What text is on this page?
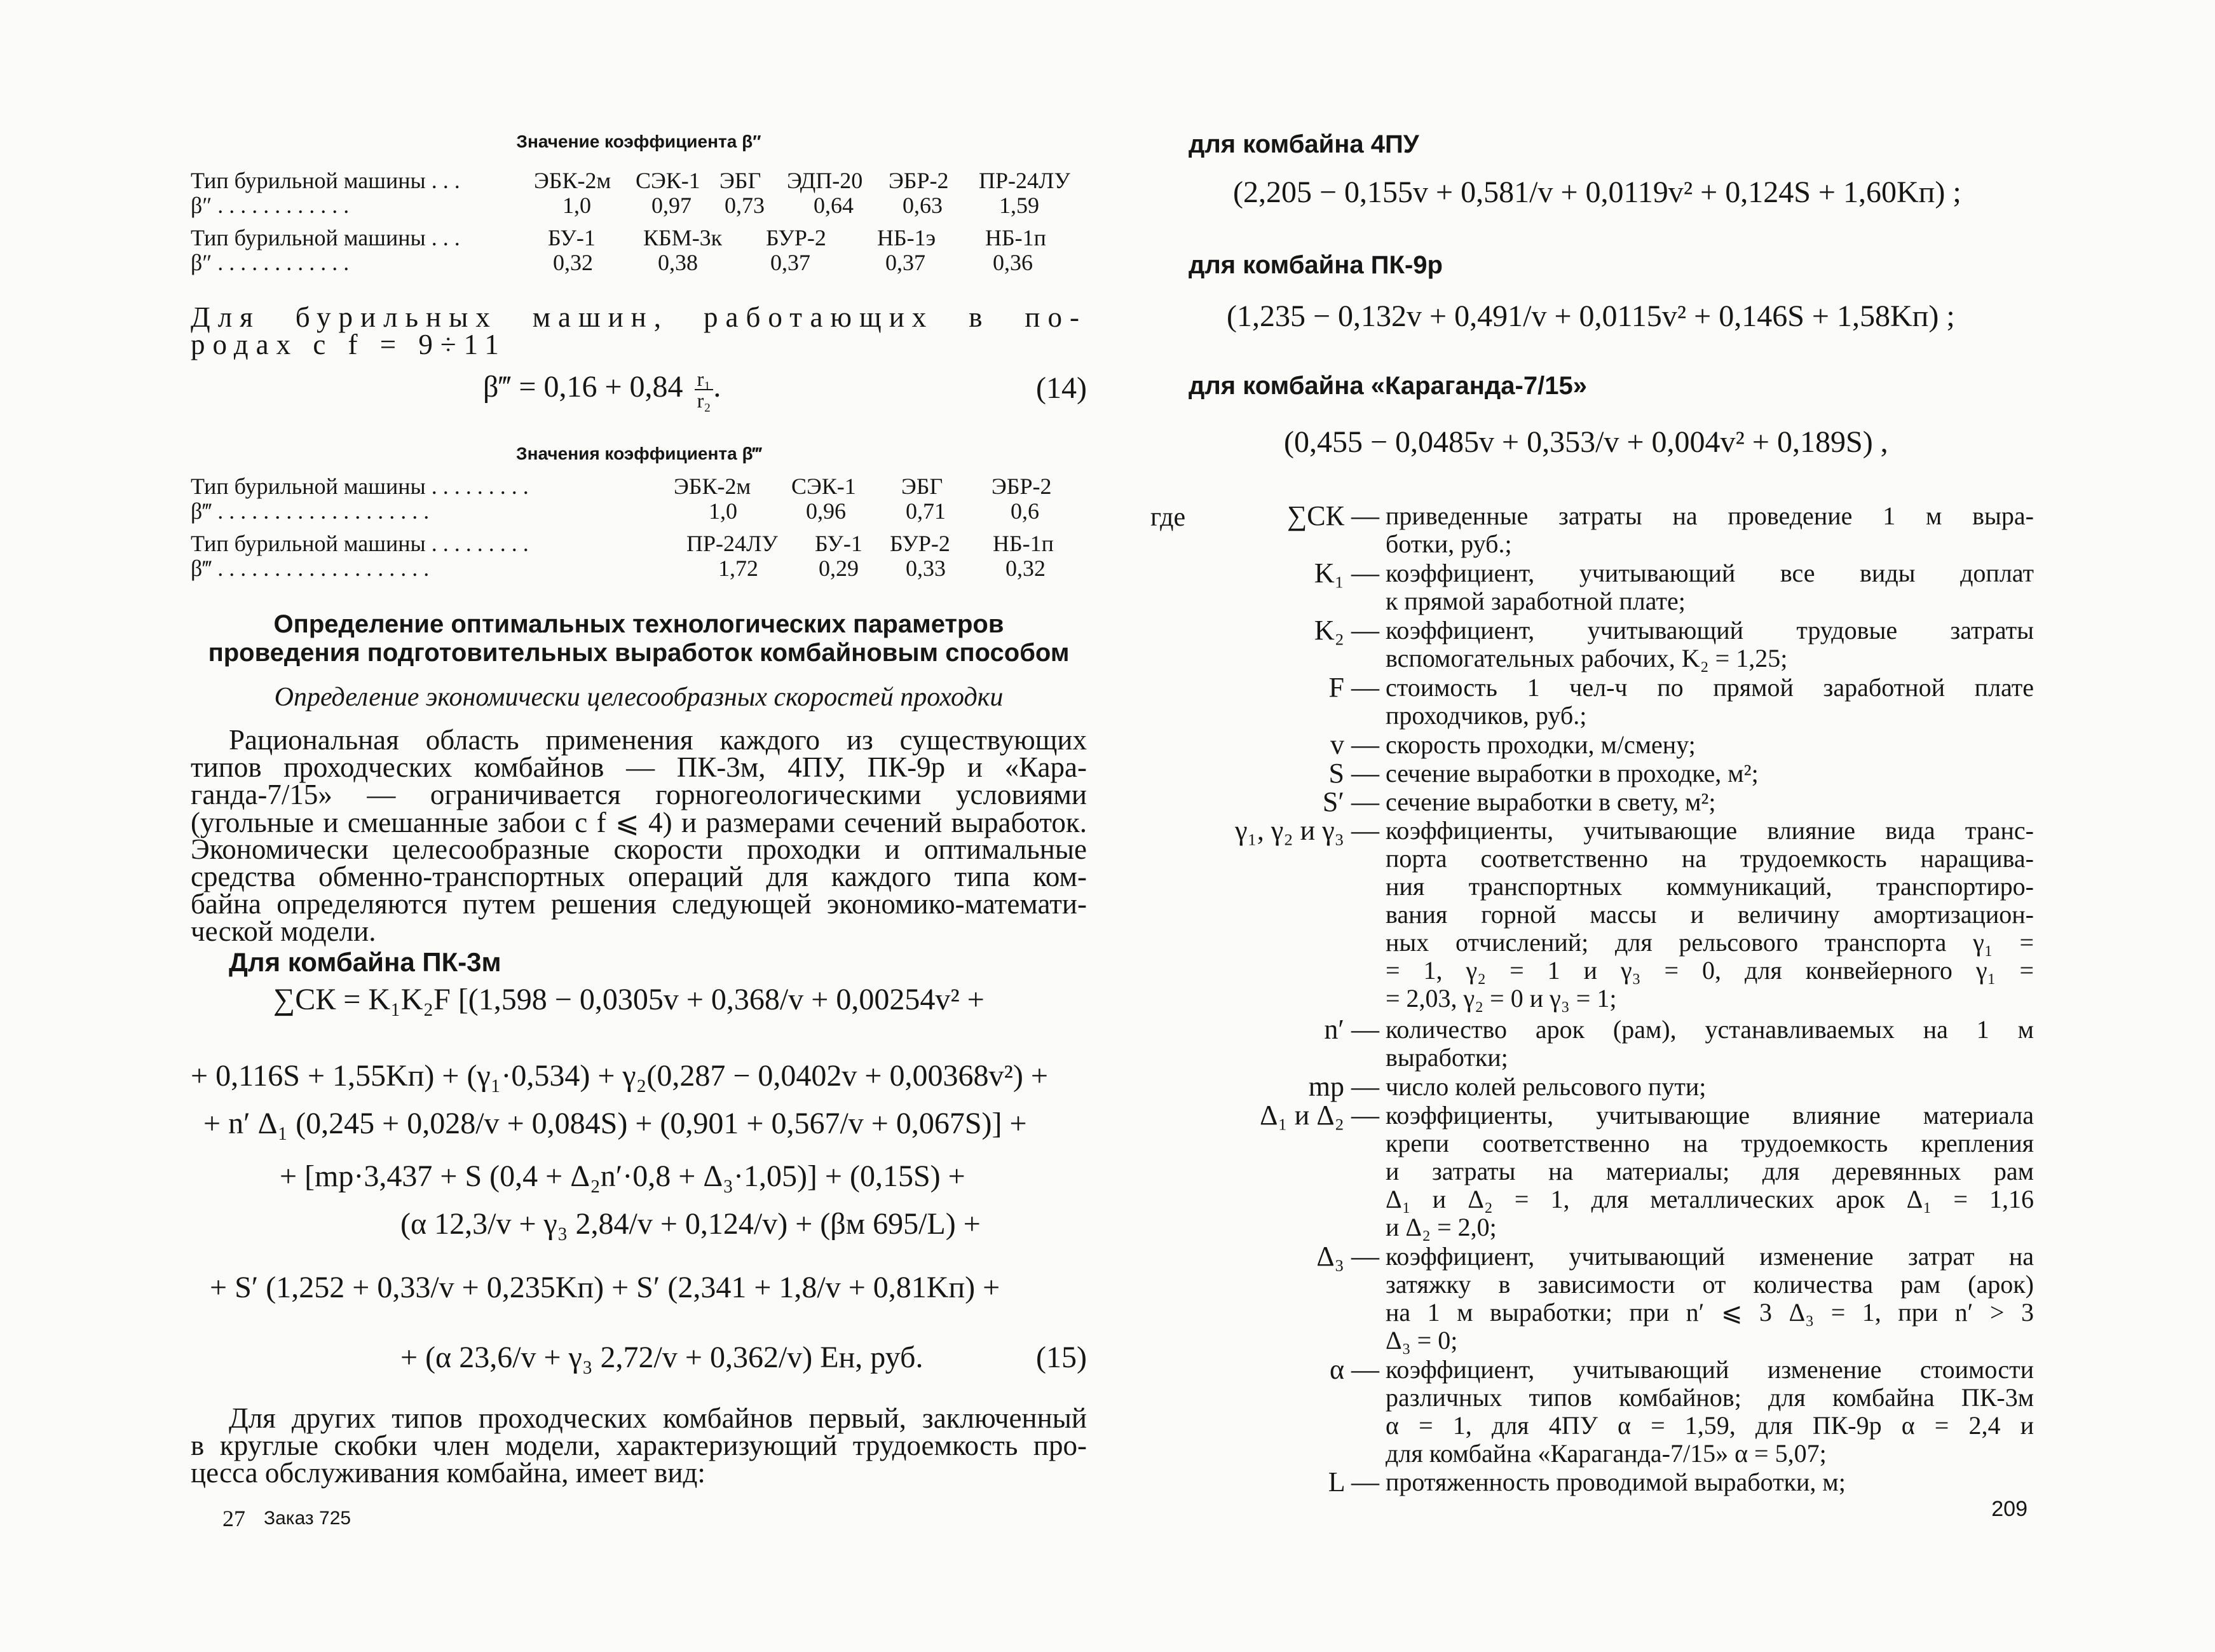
Значение коэффициента β″
Тип бурильной машины . . .	ЭБК-2м СЭК-1 ЭБГ ЭДП-20 ЭБР-2 ПР-24ЛУ
β″ . . . . . . . . . . . .	1,0	0,97 0,73 0,64 0,63 1,59
Тип бурильной машины . . .	БУ-1 КБМ-3к БУР-2 НБ-1э НБ-1п
β″ . . . . . . . . . . . .	0,32	0,38	0,37	0,37	0,36
Для бурильных машин, работающих в по-
родах с f = 9÷11
β‴ = $0,16 + 0,84 \frac{\text{r₁}}{\text{r₂}}$ .	(14)
Значения коэффициента β‴
Тип бурильной машины . . . . . . . . .	ЭБК-2м СЭК-1 ЭБГ ЭБР-2
β‴ . . . . . . . . . . . . . . . . . . .	1,0	0,96	0,71	0,6
Тип бурильной машины . . . . . . . . .	ПР-24ЛУ БУ-1 БУР-2 НБ-1п
β‴ . . . . . . . . . . . . . . . . . . .	1,72	0,29 0,33	0,32
Определение оптимальных технологических параметров
проведения подготовительных выработок комбайновым способом
Определение экономически целесообразных скоростей проходки
Рациональная область применения каждого из существующих
типов проходческих комбайнов — ПК-3м, 4ПУ, ПК-9р и «Кара-
ганда-7/15» — ограничивается горногеологическими условиями
(угольные и смешанные забои с f ⩽ 4) и размерами сечений выработок.
Экономически целесообразные скорости проходки и оптимальные
средства обменно-транспортных операций для каждого типа ком-
байна определяются путем решения следующей экономико-математи-
ческой модели.
Для комбайна ПК-3м
∑СК = K₁K₂F [(1,598 − 0,0305v + 0,368/v + 0,00254v² +
+ 0,116S + 1,55Kп) + (γ₁·0,534) + γ₂(0,287 − 0,0402v + 0,00368v²) +
+ n′ Δ₁ (0,245 + 0,028/v + 0,084S) + (0,901 + 0,567/v + 0,067S)] +
+ [mр·3,437 + S (0,4 + Δ₂n′·0,8 + Δ₃·1,05)] + (0,15S) +
(α 12,3/v + γ₃ 2,84/v + 0,124/v) + (βм 695/L) +
+ S′ (1,252 + 0,33/v + 0,235Kп) + S′ (2,341 + 1,8/v + 0,81Kп) +
+ (α 23,6/v + γ₃ 2,72/v + 0,362/v) Eн, руб.	(15)
Для других типов проходческих комбайнов первый, заключенный
в круглые скобки член модели, характеризующий трудоемкость про-
цесса обслуживания комбайна, имеет вид:
27 Заказ 725
для комбайна 4ПУ
(2,205 − 0,155v + 0,581/v + 0,0119v² + 0,124S + 1,60Kп) ;
для комбайна ПК-9р
(1,235 − 0,132v + 0,491/v + 0,0115v² + 0,146S + 1,58Kп) ;
для комбайна «Караганда-7/15»
(0,455 − 0,0485v + 0,353/v + 0,004v² + 0,189S) ,
где	∑СК — приведенные затраты на проведение 1 м выра-
ботки, руб.;
K₁ — коэффициент, учитывающий все виды доплат
к прямой заработной плате;
K₂ — коэффициент, учитывающий трудовые затраты
вспомогательных рабочих, K₂ = 1,25;
F — стоимость 1 чел-ч по прямой заработной плате
проходчиков, руб.;
v — скорость проходки, м/смену;
S — сечение выработки в проходке, м²;
S′ — сечение выработки в свету, м²;
γ₁, γ₂ и γ₃ — коэффициенты, учитывающие влияние вида транс-
порта соответственно на трудоемкость наращива-
ния транспортных коммуникаций, транспортиро-
вания горной массы и величину амортизацион-
ных отчислений; для рельсового транспорта γ₁ =
= 1, γ₂ = 1 и γ₃ = 0, для конвейерного γ₁ =
= 2,03, γ₂ = 0 и γ₃ = 1;
n′ — количество арок (рам), устанавливаемых на 1 м
выработки;
mр — число колей рельсового пути;
Δ₁ и Δ₂ — коэффициенты, учитывающие влияние материала
крепи соответственно на трудоемкость крепления
и затраты на материалы; для деревянных рам
Δ₁ и Δ₂ = 1, для металлических арок Δ₁ = 1,16
и Δ₂ = 2,0;
Δ₃ — коэффициент, учитывающий изменение затрат на
затяжку в зависимости от количества рам (арок)
на 1 м выработки; при n′ ⩽ 3 Δ₃ = 1, при n′ > 3
Δ₃ = 0;
α — коэффициент, учитывающий изменение стоимости
различных типов комбайнов; для комбайна ПК-3м
α = 1, для 4ПУ α = 1,59, для ПК-9р α = 2,4 и
для комбайна «Караганда-7/15» α = 5,07;
L — протяженность проводимой выработки, м;
209
